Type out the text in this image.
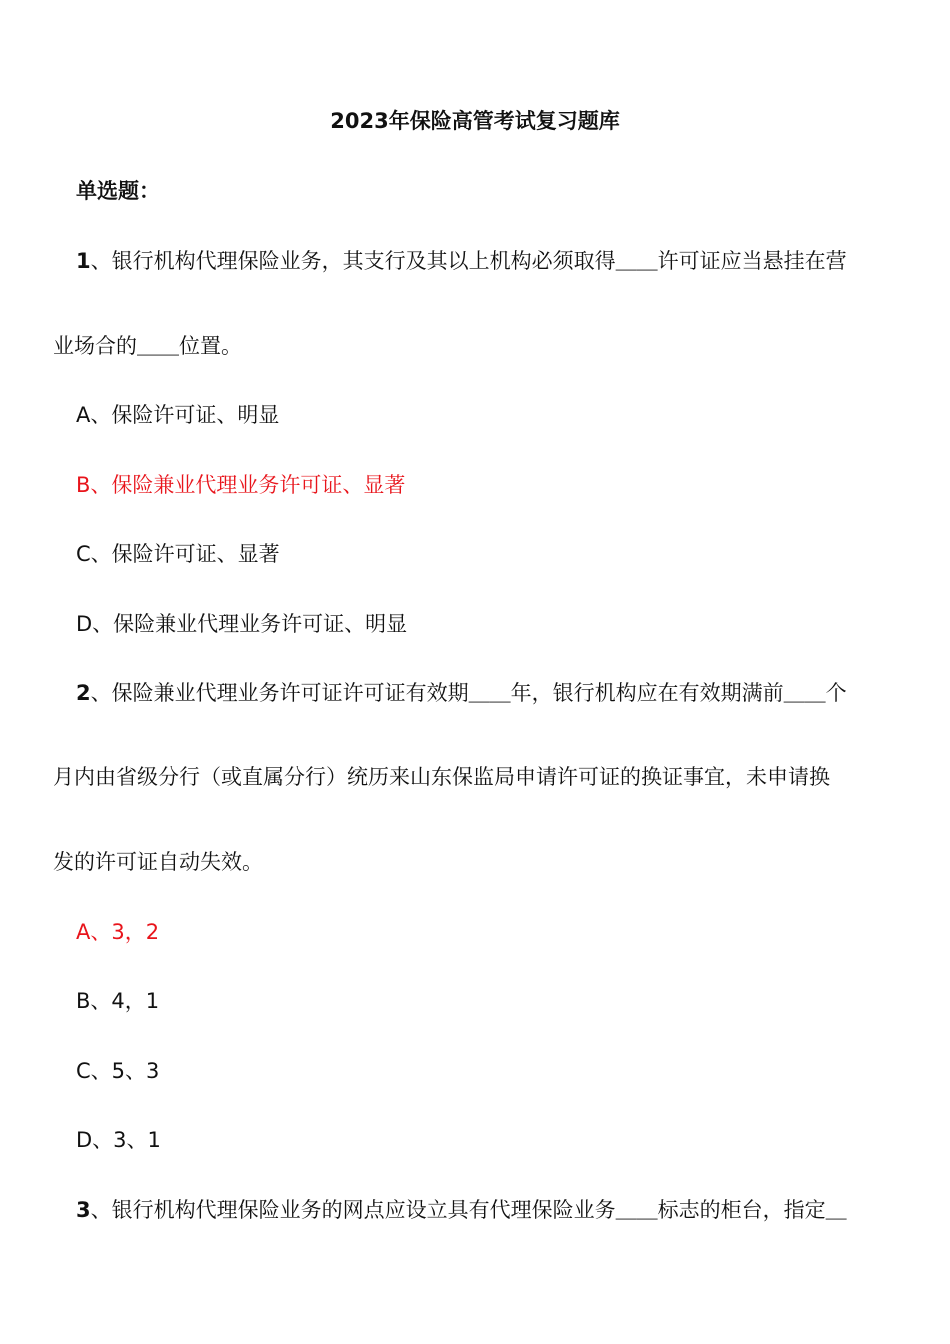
2023年保险高管考试复习题库
单选题：
1、银行机构代理保险业务，其支行及其以上机构必须取得＿＿许可证应当悬挂在营
业场合的＿＿位置。
A、保险许可证、明显
B、保险兼业代理业务许可证、显著
C、保险许可证、显著
D、保险兼业代理业务许可证、明显
2、保险兼业代理业务许可证许可证有效期＿＿年，银行机构应在有效期满前＿＿个
月内由省级分行（或直属分行）统历来山东保监局申请许可证的换证事宜，未申请换
发的许可证自动失效。
A、3，2
B、4，1
C、5、3
D、3、1
3、银行机构代理保险业务的网点应设立具有代理保险业务＿＿标志的柜台，指定＿
